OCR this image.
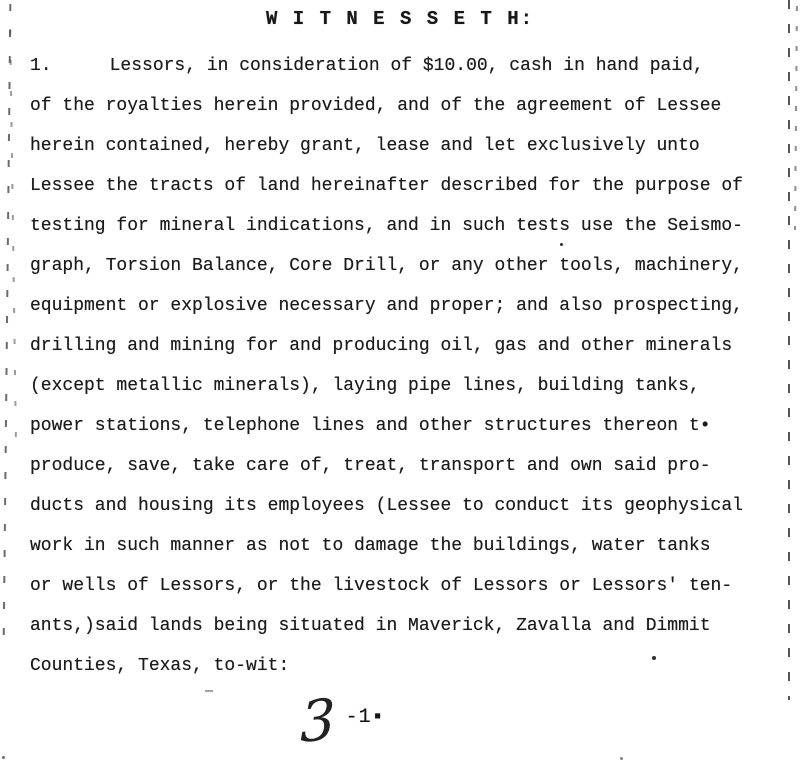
W I T N E S S E T H:
1.	Lessors, in consideration of $10.00, cash in hand paid,
of the royalties herein provided, and of the agreement of Lessee
herein contained, hereby grant, lease and let exclusively unto
Lessee the tracts of land hereinafter described for the purpose of
testing for mineral indications, and in such tests use the Seismo-
graph, Torsion Balance, Core Drill, or any other tools, machinery,
equipment or explosive necessary and proper; and also prospecting,
drilling and mining for and producing oil, gas and other minerals
(except metallic minerals), laying pipe lines, building tanks,
power stations, telephone lines and other structures thereon t•
produce, save, take care of, treat, transport and own said pro-
ducts and housing its employees (Lessee to conduct its geophysical
work in such manner as not to damage the buildings, water tanks
or wells of Lessors, or the livestock of Lessors or Lessors' ten-
ants,)said lands being situated in Maverick, Zavalla and Dimmit
Counties, Texas, to-wit:
3 -1▪
